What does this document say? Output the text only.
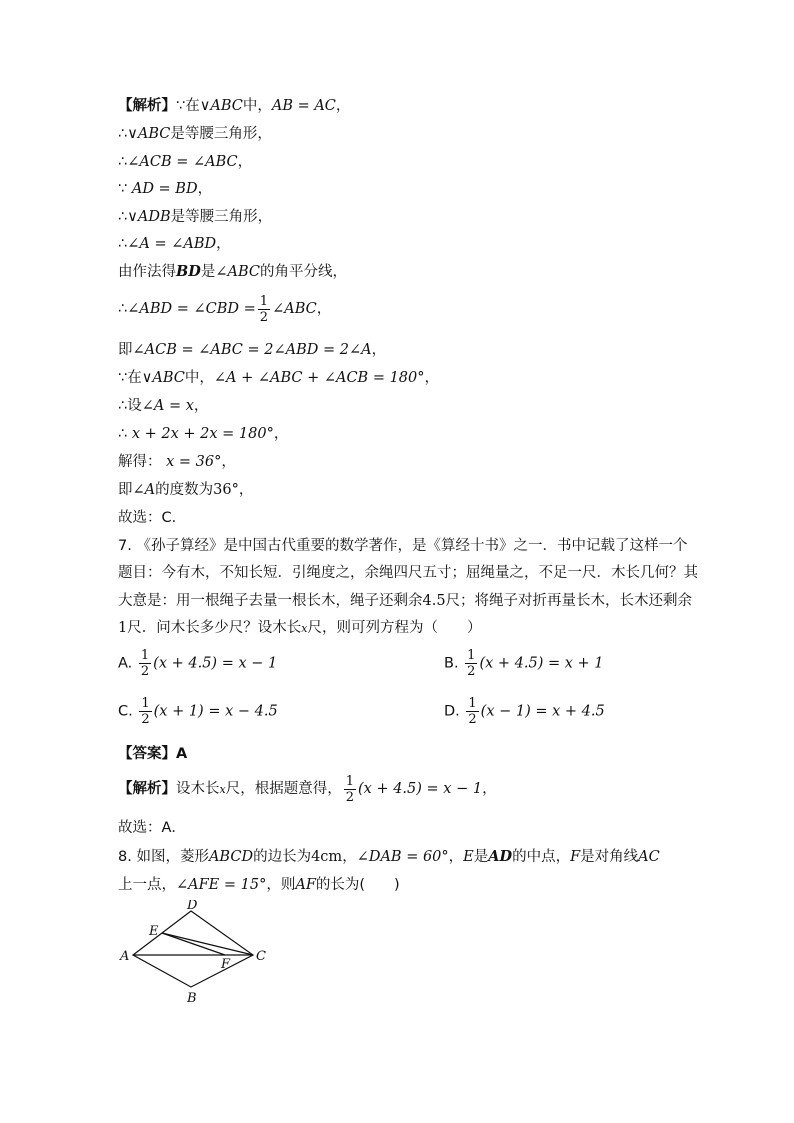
【解析】∵在∨ABC中，AB = AC，
∴∨ABC是等腰三角形，
∴∠ACB = ∠ABC，
∵ AD = BD，
∴∨ADB是等腰三角形，
∴∠A = ∠ABD，
由作法得BD是∠ABC的角平分线，
∴∠ABD = ∠CBD = $\frac{1}{2}$ ∠ABC，
即∠ACB = ∠ABC = 2∠ABD = 2∠A，
∵在∨ABC中，∠A + ∠ABC + ∠ACB = 180°，
∴设∠A = x，
∴ x + 2x + 2x = 180°，
解得： x = 36°，
即∠A的度数为36°，
故选：C．
7. 《孙子算经》是中国古代重要的数学著作，是《算经十书》之一．书中记载了这样一个
题目：今有木，不知长短．引绳度之，余绳四尺五寸；屈绳量之，不足一尺．木长几何？其
大意是：用一根绳子去量一根长木，绳子还剩余4.5尺；将绳子对折再量长木，长木还剩余
1尺．问木长多少尺？设木长x尺，则可列方程为（　　）
A. $\frac{1}{2} (x + 4.5) = x - 1$	B. $\frac{1}{2} (x + 4.5) = x + 1$
C. $\frac{1}{2} (x + 1) = x - 4.5$	D. $\frac{1}{2} (x - 1) = x + 4.5$
【答案】A
【解析】设木长x尺，根据题意得， $\frac{1}{2} (x + 4.5) = x - 1$，
故选：A．
8. 如图，菱形ABCD的边长为4cm，∠DAB = 60°，E是AD的中点，F是对角线AC
上一点，∠AFE = 15°，则AF的长为(　　)
A
D
C
B
E
F
